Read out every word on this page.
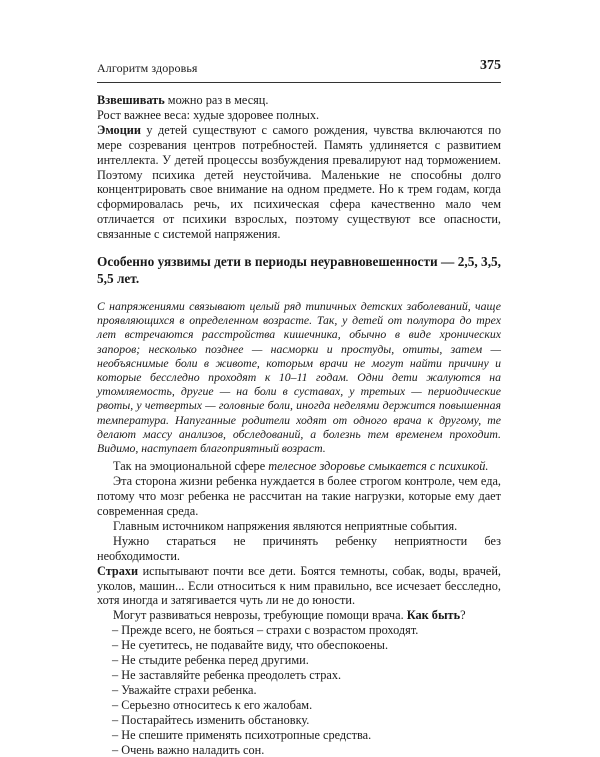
Алгоритм здоровья	375

Взвешивать можно раз в месяц.

Рост важнее веса: худые здоровее полных.

Эмоции у детей существуют с самого рождения, чувства включаются по мере созревания центров потребностей. Память удлиняется с развитием интеллекта. У детей процессы возбуждения превалируют над торможением. Поэтому психика детей неустойчива. Маленькие не способны долго концентрировать свое внимание на одном предмете. Но к трем годам, когда сформировалась речь, их психическая сфера качественно мало чем отличается от психики взрослых, поэтому существуют все опасности, связанные с системой напряжения.

Особенно уязвимы дети в периоды неуравновешенности — 2,5, 3,5, 5,5 лет.

С напряжениями связывают целый ряд типичных детских заболеваний, чаще проявляющихся в определенном возрасте. Так, у детей от полутора до трех лет встречаются расстройства кишечника, обычно в виде хронических запоров; несколько позднее — насморки и простуды, отиты, затем — необъяснимые боли в животе, которым врачи не могут найти причину и которые бесследно проходят к 10–11 годам. Одни дети жалуются на утомляемость, другие — на боли в суставах, у третьих — периодические рвоты, у четвертых — головные боли, иногда неделями держится повышенная температура. Напуганные родители ходят от одного врача к другому, те делают массу анализов, обследований, а болезнь тем временем проходит. Видимо, наступает благоприятный возраст.

Так на эмоциональной сфере телесное здоровье смыкается с психикой.

Эта сторона жизни ребенка нуждается в более строгом контроле, чем еда, потому что мозг ребенка не рассчитан на такие нагрузки, которые ему дает современная среда.

Главным источником напряжения являются неприятные события.

Нужно стараться не причинять ребенку неприятности без необходимости.

Страхи испытывают почти все дети. Боятся темноты, собак, воды, врачей, уколов, машин... Если относиться к ним правильно, все исчезает бесследно, хотя иногда и затягивается чуть ли не до юности.

Могут развиваться неврозы, требующие помощи врача. Как быть?

– Прежде всего, не бояться – страхи с возрастом проходят.
– Не суетитесь, не подавайте виду, что обеспокоены.
– Не стыдите ребенка перед другими.
– Не заставляйте ребенка преодолеть страх.
– Уважайте страхи ребенка.
– Серьезно относитесь к его жалобам.
– Постарайтесь изменить обстановку.
– Не спешите применять психотропные средства.
– Очень важно наладить сон.
